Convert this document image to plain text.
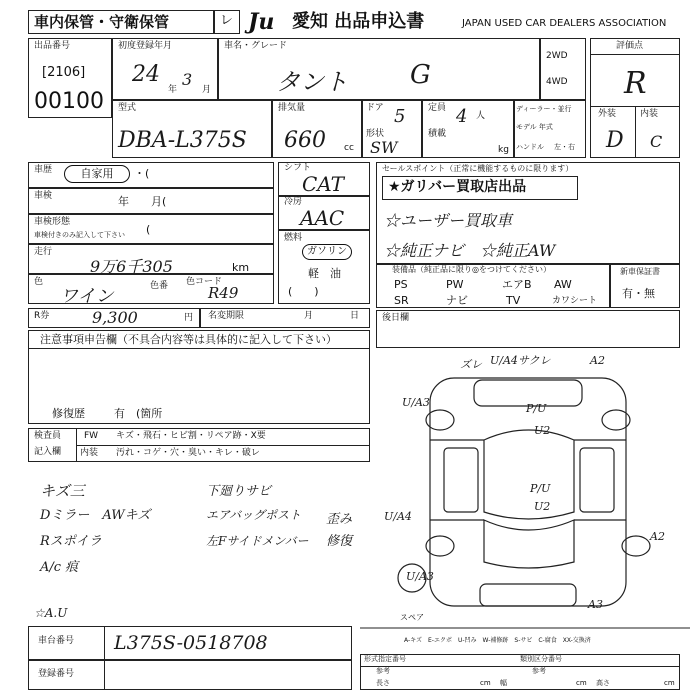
車内保管・守衛保管	レ Ju 愛知 出品申込書	JAPAN USED CAR DEALERS ASSOCIATION
出品番号
[2106]
00100
初度登録年月
24
年
3
月
車名・グレード
タント G
2WD
4WD
評価点
R
外装	内装
D C
型式
DBA-L375S
排気量
660 cc
ドア 5
形状
SW
定員 4 人
積載
kg
ディーラー・並行
モデル 年式
ハンドル 左・右
車歴	自家用	・(
車検	年　　月(
車検形態
車検付きのみ記入して下さい (
走行
9万6千305	km
色
ワイン	色番 色コード
R49
R券	9,300	円 名変期限	月	日
シフト
CAT
冷房
AAC
燃料
ガソリン
軽　油
(　　)
セールスポイント（正常に機能するものに限ります）
★ガリバー買取店出品
☆ユーザー買取車
☆純正ナビ　☆純正AW
装備品（純正品に限り◎をつけてください）
PS	PW	エアB AW
SR	ナビ	TV	カワシート
新車保証書
有・無
後日欄
注意事項申告欄（不具合内容等は具体的に記入して下さい）
修復歴	有　(箇所
検査員
記入欄
FW キズ・飛石・ヒビ割・リペア跡・X要
内装 汚れ・コゲ・穴・臭い・キレ・破レ
キズ三
Dミラー　AWキズ
Rスポイラ
A/c 痕
下廻りサビ
エアバッグポスト
左Fサイドメンバー
歪み
修復
☆A.U
ズレ U/A4サクレ	A2
U/A3	P/U
U2
P/U
U2
U/A4
A2
U/A3
A3
スペア
A-キズ　E-エクボ　U-凹み　W-補修跡　S-サビ　C-腐食　XX-交換済
車台番号 L375S-0518708
登録番号
形式指定番号	類別区分番号
参考	参考
長さ	cm 幅	cm 高さ	cm
